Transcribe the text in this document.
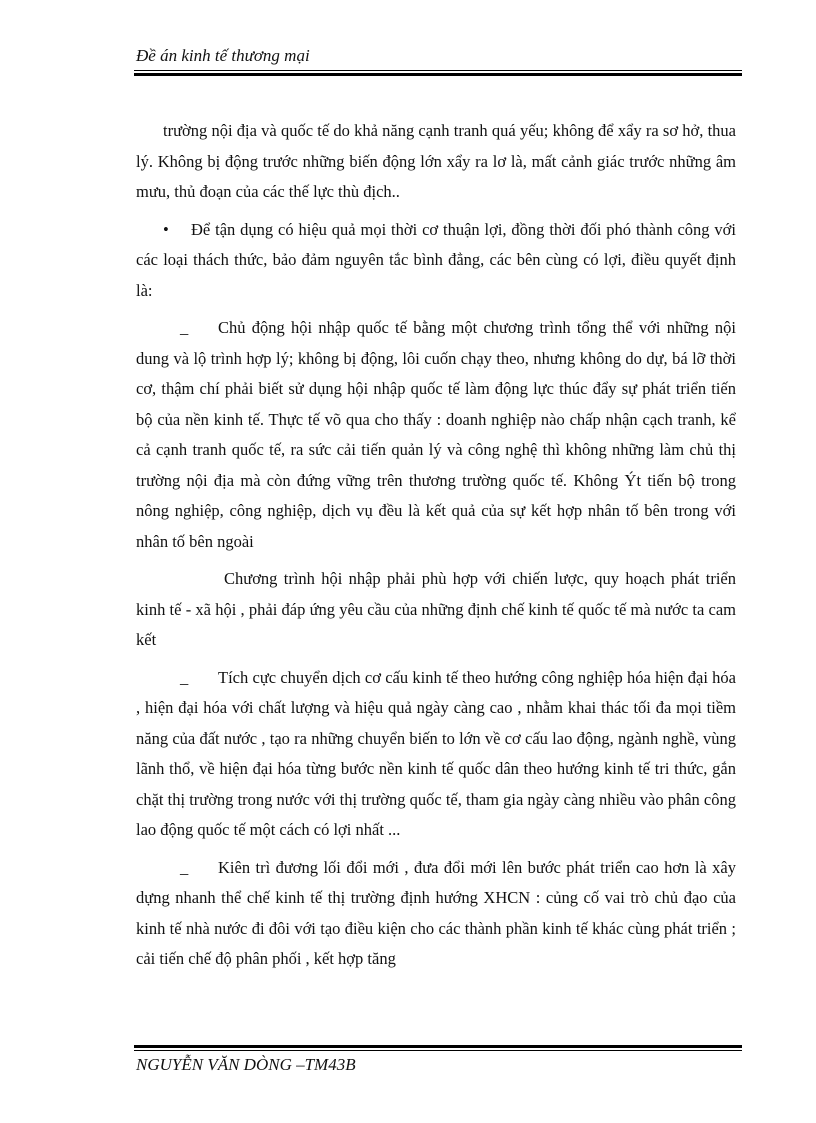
Đề án kinh tế thương mại

trường nội địa và quốc tế do khả năng cạnh tranh quá yếu; không để xẩy ra sơ hở, thua lý. Không bị động trước những biến động lớn xẩy ra lơ là, mất cảnh giác trước những âm mưu, thủ đoạn của các thế lực thù địch..

• Để tận dụng có hiệu quả mọi thời cơ thuận lợi, đồng thời đối phó thành công với các loại thách thức, bảo đảm nguyên tắc bình đẳng, các bên cùng có lợi, điều quyết định là:

_ Chủ động hội nhập quốc tế bằng một chương trình tổng thể với những nội dung và lộ trình hợp lý; không bị động, lôi cuốn chạy theo, nhưng không do dự, bá lỡ thời cơ, thậm chí phải biết sử dụng hội nhập quốc tế làm động lực thúc đẩy sự phát triển tiến bộ của nền kinh tế. Thực tế võ qua cho thấy : doanh nghiệp nào chấp nhận cạch tranh, kể cả cạnh tranh quốc tế, ra sức cải tiến quản lý và công nghệ thì không những làm chủ thị trường nội địa mà còn đứng vững trên thương trường quốc tế. Không Ýt tiến bộ trong nông nghiệp, công nghiệp, dịch vụ đều là kết quả của sự kết hợp nhân tố bên trong với nhân tố bên ngoài

Chương trình hội nhập phải phù hợp với chiến lược, quy hoạch phát triển kinh tế - xã hội , phải đáp ứng yêu cầu của những định chế kinh tế quốc tế mà nước ta cam kết

_ Tích cực chuyển dịch cơ cấu kinh tế theo hướng công nghiệp hóa hiện đại hóa , hiện đại hóa với chất lượng và hiệu quả ngày càng cao , nhằm khai thác tối đa mọi tiềm năng của đất nước , tạo ra những chuyển biến to lớn về cơ cấu lao động, ngành nghề, vùng lãnh thổ, về hiện đại hóa từng bước nền kinh tế quốc dân theo hướng kinh tế tri thức, gắn chặt thị trường trong nước với thị trường quốc tế, tham gia ngày càng nhiều vào phân công lao động quốc tế một cách có lợi nhất ...

_ Kiên trì đương lối đổi mới , đưa đổi mới lên bước phát triển cao hơn là xây dựng nhanh thể chế kinh tế thị trường định hướng XHCN : củng cố vai trò chủ đạo của kinh tế nhà nước đi đôi với tạo điều kiện cho các thành phần kinh tế khác cùng phát triển ; cải tiến chế độ phân phối , kết hợp tăng

NGUYỄN VĂN DÒNG –TM43B
